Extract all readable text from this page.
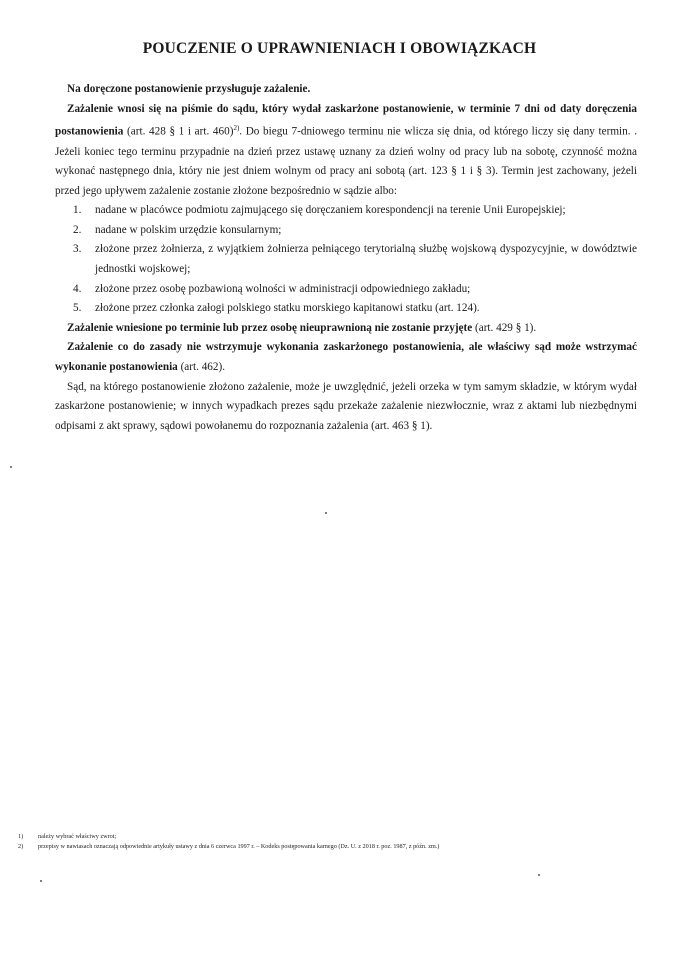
POUCZENIE O UPRAWNIENIACH I OBOWIĄZKACH

Na doręczone postanowienie przysługuje zażalenie.

Zażalenie wnosi się na piśmie do sądu, który wydał zaskarżone postanowienie, w terminie 7 dni od daty doręczenia postanowienia (art. 428 § 1 i art. 460)$^{2)}$. Do biegu 7-dniowego terminu nie wlicza się dnia, od którego liczy się dany termin. . Jeżeli koniec tego terminu przypadnie na dzień przez ustawę uznany za dzień wolny od pracy lub na sobotę, czynność można wykonać następnego dnia, który nie jest dniem wolnym od pracy ani sobotą (art. 123 § 1 i § 3). Termin jest zachowany, jeżeli przed jego upływem zażalenie zostanie złożone bezpośrednio w sądzie albo:

1.	nadane w placówce podmiotu zajmującego się doręczaniem korespondencji na terenie Unii Europejskiej;
2.	nadane w polskim urzędzie konsularnym;
3.	złożone przez żołnierza, z wyjątkiem żołnierza pełniącego terytorialną służbę wojskową dyspozycyjnie, w dowództwie jednostki wojskowej;
4.	złożone przez osobę pozbawioną wolności w administracji odpowiedniego zakładu;
5.	złożone przez członka załogi polskiego statku morskiego kapitanowi statku (art. 124).

Zażalenie wniesione po terminie lub przez osobę nieuprawnioną nie zostanie przyjęte (art. 429 § 1).

Zażalenie co do zasady nie wstrzymuje wykonania zaskarżonego postanowienia, ale właściwy sąd może wstrzymać wykonanie postanowienia (art. 462).

Sąd, na którego postanowienie złożono zażalenie, może je uwzględnić, jeżeli orzeka w tym samym składzie, w którym wydał zaskarżone postanowienie; w innych wypadkach prezes sądu przekaże zażalenie niezwłocznie, wraz z aktami lub niezbędnymi odpisami z akt sprawy, sądowi powołanemu do rozpoznania zażalenia (art. 463 § 1).

1)	należy wybrać właściwy zwrot;
2)	przepisy w nawiasach oznaczają odpowiednie artykuły ustawy z dnia 6 czerwca 1997 r. – Kodeks postępowania karnego (Dz. U. z 2018 r. poz. 1987, z późn. zm.)
